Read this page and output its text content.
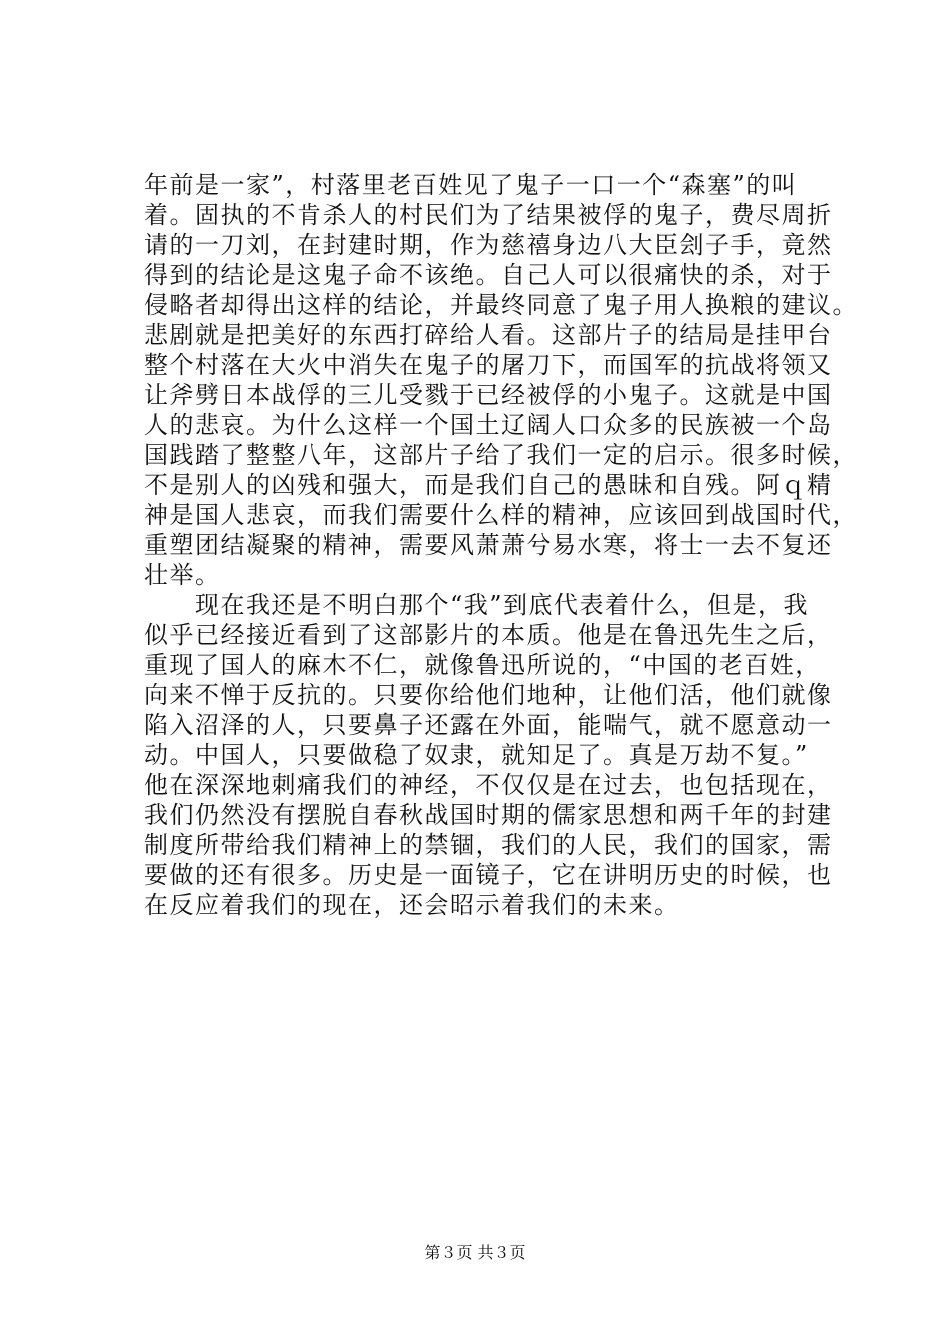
年前是一家”，村落里老百姓见了鬼子一口一个“森塞”的叫
着。固执的不肯杀人的村民们为了结果被俘的鬼子，费尽周折
请的一刀刘，在封建时期，作为慈禧身边八大臣刽子手，竟然
得到的结论是这鬼子命不该绝。自己人可以很痛快的杀，对于
侵略者却得出这样的结论，并最终同意了鬼子用人换粮的建议。
悲剧就是把美好的东西打碎给人看。这部片子的结局是挂甲台
整个村落在大火中消失在鬼子的屠刀下，而国军的抗战将领又
让斧劈日本战俘的三儿受戮于已经被俘的小鬼子。这就是中国
人的悲哀。为什么这样一个国土辽阔人口众多的民族被一个岛
国践踏了整整八年，这部片子给了我们一定的启示。很多时候，
不是别人的凶残和强大，而是我们自己的愚昧和自残。阿ｑ精
神是国人悲哀，而我们需要什么样的精神，应该回到战国时代，
重塑团结凝聚的精神，需要风萧萧兮易水寒，将士一去不复还
壮举。
　　现在我还是不明白那个“我”到底代表着什么，但是，我
似乎已经接近看到了这部影片的本质。他是在鲁迅先生之后，
重现了国人的麻木不仁，就像鲁迅所说的，“中国的老百姓，
向来不惮于反抗的。只要你给他们地种，让他们活，他们就像
陷入沼泽的人，只要鼻子还露在外面，能喘气，就不愿意动一
动。中国人，只要做稳了奴隶，就知足了。真是万劫不复。”
他在深深地刺痛我们的神经，不仅仅是在过去，也包括现在，
我们仍然没有摆脱自春秋战国时期的儒家思想和两千年的封建
制度所带给我们精神上的禁锢，我们的人民，我们的国家，需
要做的还有很多。历史是一面镜子，它在讲明历史的时候，也
在反应着我们的现在，还会昭示着我们的未来。
第３页 共３页
